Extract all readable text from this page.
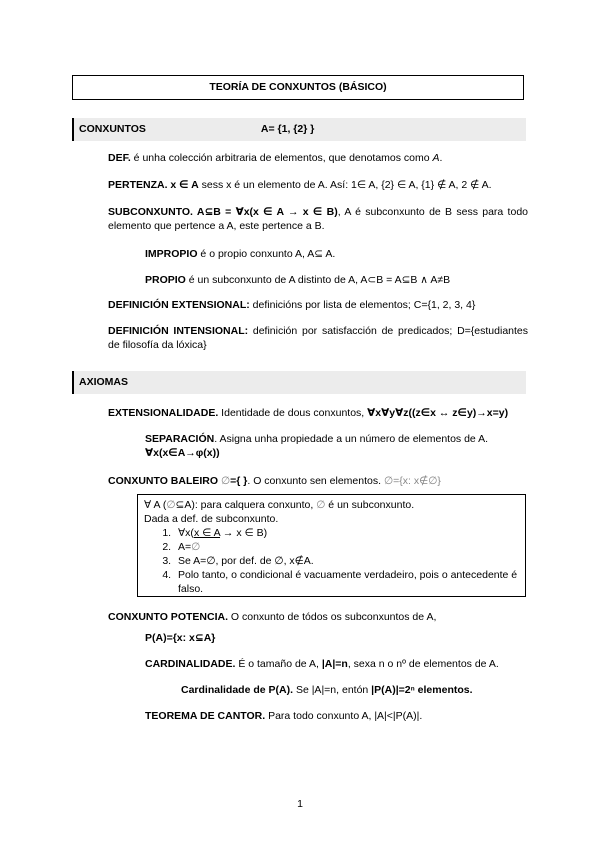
TEORÍA DE CONXUNTOS (BÁSICO)
CONXUNTOS	A= {1, {2} }
DEF. é unha colección arbitraria de elementos, que denotamos como A.
PERTENZA. x ∈ A sess x é un elemento de A. Así: 1∈ A, {2} ∈ A, {1} ∉ A, 2 ∉ A.
SUBCONXUNTO. A⊆B = ∀x(x ∈ A → x ∈ B), A é subconxunto de B sess para todo elemento que pertence a A, este pertence a B.
IMPROPIO é o propio conxunto A, A⊆ A.
PROPIO é un subconxunto de A distinto de A, A⊂B = A⊆B ∧ A≠B
DEFINICIÓN EXTENSIONAL: definicións por lista de elementos; C={1, 2, 3, 4}
DEFINICIÓN INTENSIONAL: definición por satisfacción de predicados; D={estudiantes de filosofía da lóxica}
AXIOMAS
EXTENSIONALIDADE. Identidade de dous conxuntos, ∀x∀y∀z((z∈x ↔ z∈y)→x=y)
SEPARACIÓN. Asigna unha propiedade a un número de elementos de A.
∀x(x∈A→φ(x))
CONXUNTO BALEIRO ∅={ }. O conxunto sen elementos. ∅={x: x∉∅}
∀ A (∅⊆A): para calquera conxunto, ∅ é un subconxunto.
Dada a def. de subconxunto.
1. ∀x(x ∈ A → x ∈ B)
2. A=∅
3. Se A=∅, por def. de ∅, x∉A.
4. Polo tanto, o condicional é vacuamente verdadeiro, pois o antecedente é falso.
CONXUNTO POTENCIA. O conxunto de tódos os subconxuntos de A,
P(A)={x: x⊆A}
CARDINALIDADE. É o tamaño de A, |A|=n, sexa n o nº de elementos de A.
Cardinalidade de P(A). Se |A|=n, entón |P(A)|=2ⁿ elementos.
TEOREMA DE CANTOR. Para todo conxunto A, |A|<|P(A)|.
1
